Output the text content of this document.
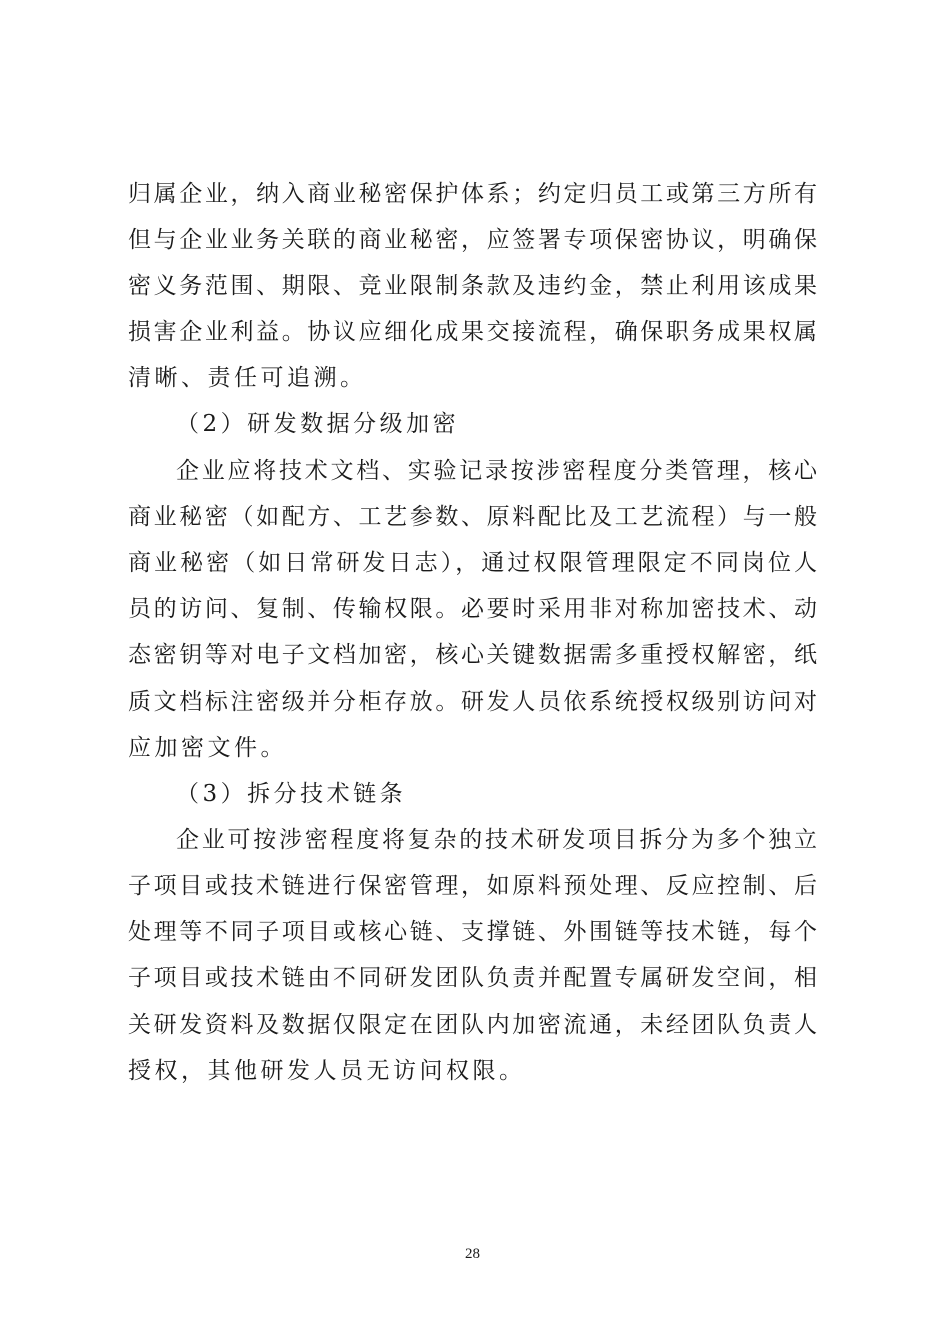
归属企业，纳入商业秘密保护体系；约定归员工或第三方所有
但与企业业务关联的商业秘密，应签署专项保密协议，明确保
密义务范围、期限、竞业限制条款及违约金，禁止利用该成果
损害企业利益。协议应细化成果交接流程，确保职务成果权属
清晰、责任可追溯。
（2）研发数据分级加密
企业应将技术文档、实验记录按涉密程度分类管理，核心
商业秘密（如配方、工艺参数、原料配比及工艺流程）与一般
商业秘密（如日常研发日志），通过权限管理限定不同岗位人
员的访问、复制、传输权限。必要时采用非对称加密技术、动
态密钥等对电子文档加密，核心关键数据需多重授权解密，纸
质文档标注密级并分柜存放。研发人员依系统授权级别访问对
应加密文件。
（3）拆分技术链条
企业可按涉密程度将复杂的技术研发项目拆分为多个独立
子项目或技术链进行保密管理，如原料预处理、反应控制、后
处理等不同子项目或核心链、支撑链、外围链等技术链，每个
子项目或技术链由不同研发团队负责并配置专属研发空间，相
关研发资料及数据仅限定在团队内加密流通，未经团队负责人
授权，其他研发人员无访问权限。
28
